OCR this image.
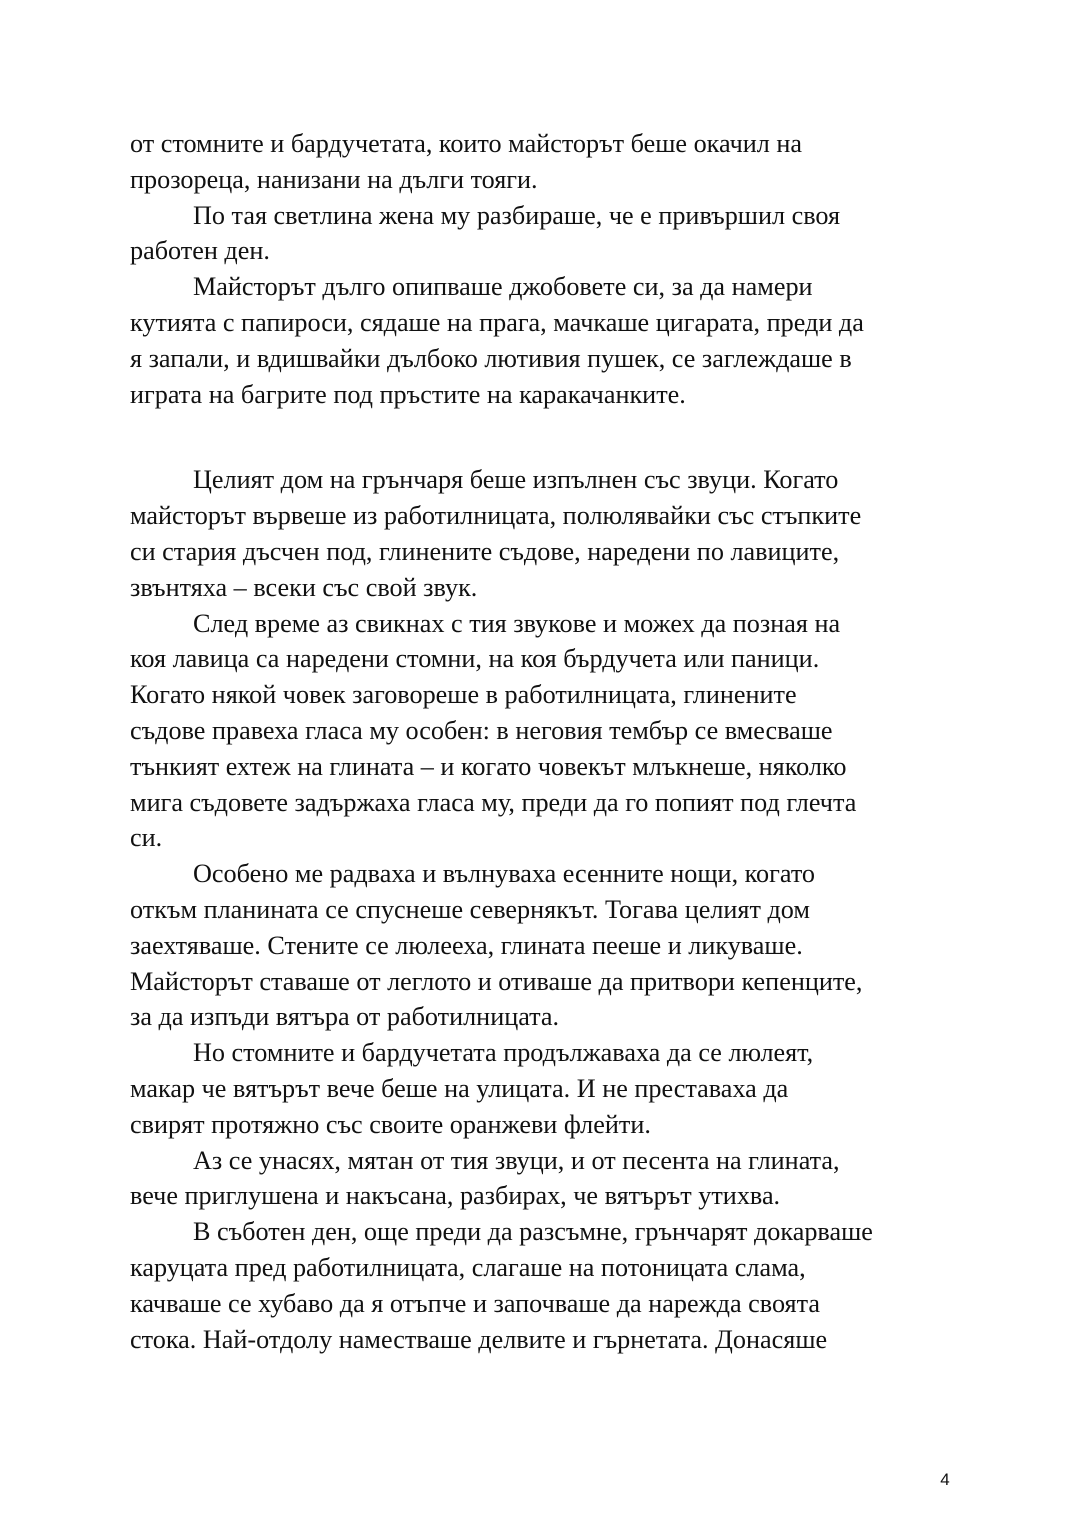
от стомните и бардучетата, които майсторът беше окачил на
прозореца, нанизани на дълги тояги.
По тая светлина жена му разбираше, че е привършил своя
работен ден.
Майсторът дълго опипваше джобовете си, за да намери
кутията с папироси, сядаше на прага, мачкаше цигарата, преди да
я запали, и вдишвайки дълбоко лютивия пушек, се заглеждаше в
играта на багрите под пръстите на каракачанките.
Целият дом на грънчаря беше изпълнен със звуци. Когато
майсторът вървеше из работилницата, полюлявайки със стъпките
си стария дъсчен под, глинените съдове, наредени по лавиците,
звънтяха – всеки със свой звук.
След време аз свикнах с тия звукове и можех да позная на
коя лавица са наредени стомни, на коя бърдучета или паници.
Когато някой човек заговореше в работилницата, глинените
съдове правеха гласа му особен: в неговия тембър се вмесваше
тънкият ехтеж на глината – и когато човекът млъкнеше, няколко
мига съдовете задържаха гласа му, преди да го попият под глечта
си.
Особено ме радваха и вълнуваха есенните нощи, когато
откъм планината се спуснеше севернякът. Тогава целият дом
заехтяваше. Стените се люлееха, глината пееше и ликуваше.
Майсторът ставаше от леглото и отиваше да притвори кепенците,
за да изпъди вятъра от работилницата.
Но стомните и бардучетата продължаваха да се люлеят,
макар че вятърът вече беше на улицата. И не преставаха да
свирят протяжно със своите оранжеви флейти.
Аз се унасях, мятан от тия звуци, и от песента на глината,
вече приглушена и накъсана, разбирах, че вятърът утихва.
В съботен ден, още преди да разсъмне, грънчарят докарваше
каруцата пред работилницата, слагаше на потоницата слама,
качваше се хубаво да я отъпче и започваше да нарежда своята
стока. Най-отдолу наместваше делвите и гърнетата. Донасяше
4
